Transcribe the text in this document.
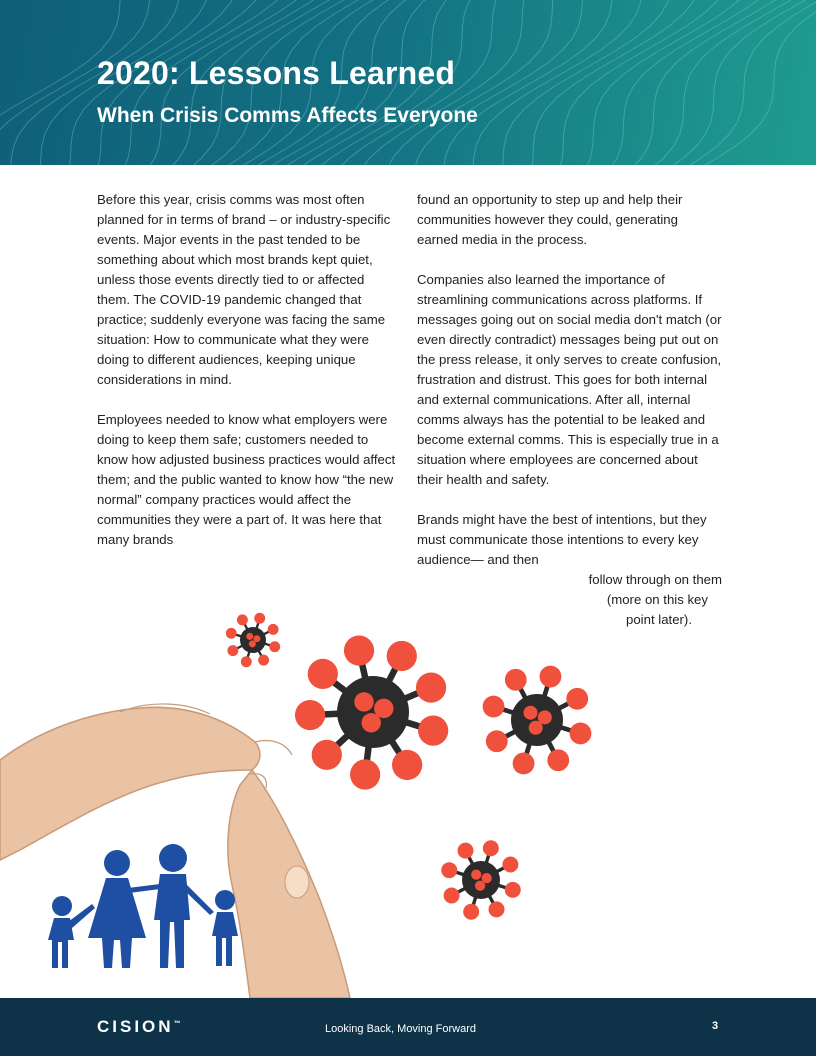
2020: Lessons Learned
When Crisis Comms Affects Everyone

Before this year, crisis comms was most often planned for in terms of brand – or industry-specific events. Major events in the past tended to be something about which most brands kept quiet, unless those events directly tied to or affected them. The COVID-19 pandemic changed that practice; suddenly everyone was facing the same situation: How to communicate what they were doing to different audiences, keeping unique considerations in mind.

Employees needed to know what employers were doing to keep them safe; customers needed to know how adjusted business practices would affect them; and the public wanted to know how “the new normal” company practices would affect the communities they were a part of. It was here that many brands

found an opportunity to step up and help their communities however they could, generating earned media in the process.

Companies also learned the importance of streamlining communications across platforms. If messages going out on social media don't match (or even directly contradict) messages being put out on the press release, it only serves to create confusion, frustration and distrust. This goes for both internal and external communications. After all, internal comms always has the potential to be leaked and become external comms. This is especially true in a situation where employees are concerned about their health and safety.

Brands might have the best of intentions, but they must communicate those intentions to every key audience— and then

follow through on them
(more on this key
point later).
CISION™	Looking Back, Moving Forward	3
